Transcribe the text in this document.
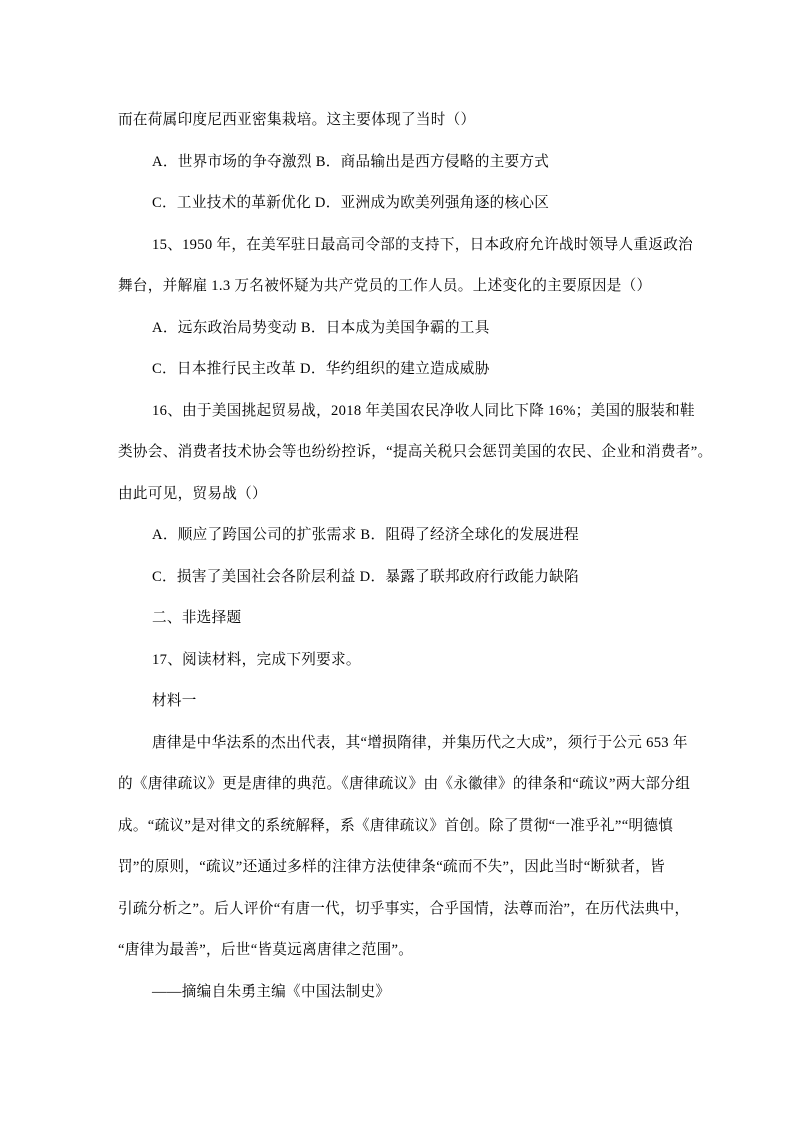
而在荷属印度尼西亚密集栽培。这主要体现了当时（）
A．世界市场的争夺激烈 B．商品输出是西方侵略的主要方式
C．工业技术的革新优化 D．亚洲成为欧美列强角逐的核心区
15、1950 年，在美军驻日最高司令部的支持下，日本政府允许战时领导人重返政治
舞台，并解雇 1.3 万名被怀疑为共产党员的工作人员。上述变化的主要原因是（）
A．远东政治局势变动 B．日本成为美国争霸的工具
C．日本推行民主改革 D．华约组织的建立造成威胁
16、由于美国挑起贸易战，2018 年美国农民净收人同比下降 16%；美国的服装和鞋
类协会、消费者技术协会等也纷纷控诉，“提高关税只会惩罚美国的农民、企业和消费者”。
由此可见，贸易战（）
A．顺应了跨国公司的扩张需求 B．阻碍了经济全球化的发展进程
C．损害了美国社会各阶层利益 D．暴露了联邦政府行政能力缺陷
二、非选择题
17、阅读材料，完成下列要求。
材料一
唐律是中华法系的杰出代表，其“增损隋律，并集历代之大成”，须行于公元 653 年
的《唐律疏议》更是唐律的典范。《唐律疏议》由《永徽律》的律条和“疏议”两大部分组
成。“疏议”是对律文的系统解释，系《唐律疏议》首创。除了贯彻“一准乎礼”“明德慎
罚”的原则，“疏议”还通过多样的注律方法使律条“疏而不失”，因此当时“断狱者，皆
引疏分析之”。后人评价“有唐一代，切乎事实，合乎国情，法尊而治”，在历代法典中，
“唐律为最善”，后世“皆莫远离唐律之范围”。
——摘编自朱勇主编《中国法制史》
